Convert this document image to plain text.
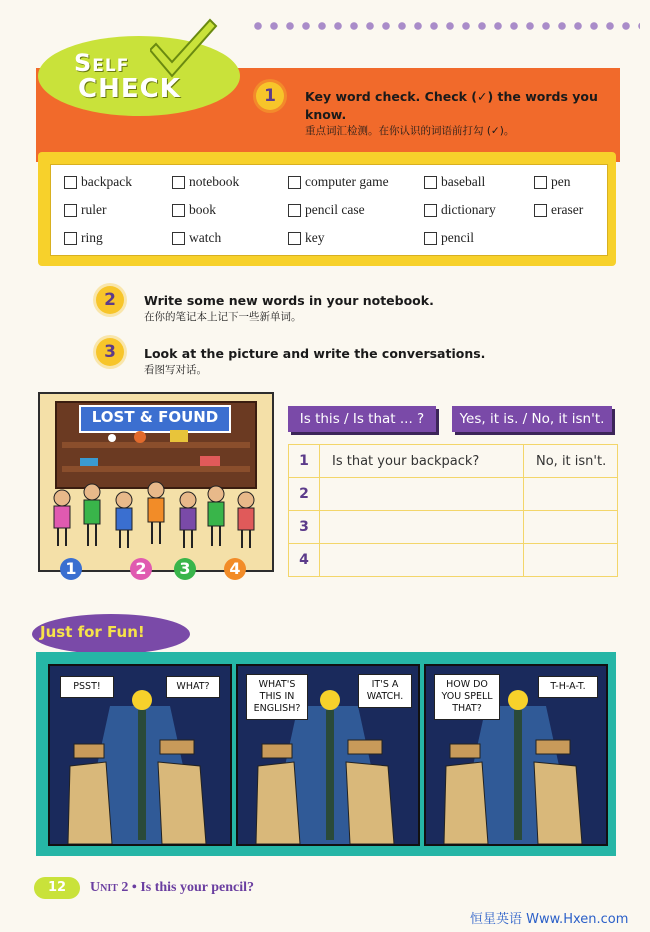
Self
CHECK	1	Key word check. Check (✓) the words you know.
重点词汇检测。在你认识的词语前打勾 (✓)。
backpack	notebook	computer game	baseball	pen
ruler	book	pencil case	dictionary	eraser
ring	watch	key	pencil
2	Write some new words in your notebook.
在你的笔记本上记下一些新单词。
3	Look at the picture and write the conversations.
看图写对话。
LOST & FOUND
1	2	3	4
Is this / Is that ... ?	Yes, it is. / No, it isn't.
1	Is that your backpack?	No, it isn't.
2		
3		
4		
Just for Fun!
PSST!	WHAT?	WHAT'S THIS IN ENGLISH?
IT'S A WATCH.
HOW DO YOU SPELL THAT?
T-H-A-T.
12	Unit 2 • Is this your pencil?
恒星英语 Www.Hxen.com
